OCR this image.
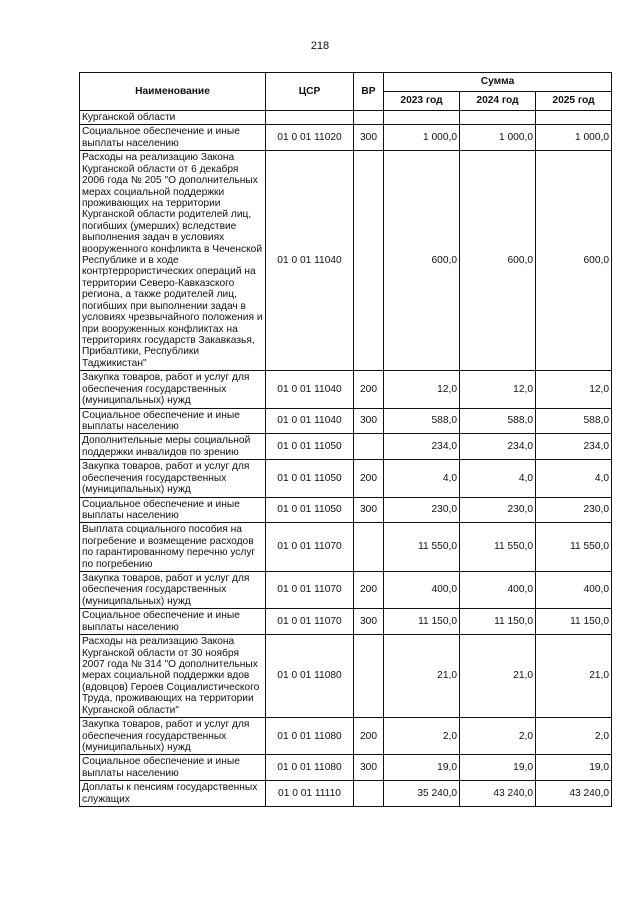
218
Наименование	ЦСР	ВР	Сумма		
			2023 год	2024 год	2025 год
Курганской области					
Социальное обеспечение и иные выплаты населению	01 0 01 11020	300	1 000,0	1 000,0	1 000,0
Расходы на реализацию Закона Курганской области от 6 декабря 2006 года № 205 "О дополнительных мерах социальной поддержки проживающих на территории Курганской области родителей лиц, погибших (умерших) вследствие выполнения задач в условиях вооруженного конфликта в Чеченской Республике и в ходе контртеррористических операций на территории Северо-Кавказского региона, а также родителей лиц, погибших при выполнении задач в условиях чрезвычайного положения и при вооруженных конфликтах на территориях государств Закавказья, Прибалтики, Республики Таджикистан"	01 0 01 11040		600,0	600,0	600,0
Закупка товаров, работ и услуг для обеспечения государственных (муниципальных) нужд	01 0 01 11040	200	12,0	12,0	12,0
Социальное обеспечение и иные выплаты населению	01 0 01 11040	300	588,0	588,0	588,0
Дополнительные меры социальной поддержки инвалидов по зрению	01 0 01 11050		234,0	234,0	234,0
Закупка товаров, работ и услуг для обеспечения государственных (муниципальных) нужд	01 0 01 11050	200	4,0	4,0	4,0
Социальное обеспечение и иные выплаты населению	01 0 01 11050	300	230,0	230,0	230,0
Выплата социального пособия на погребение и возмещение расходов по гарантированному перечню услуг по погребению	01 0 01 11070		11 550,0	11 550,0	11 550,0
Закупка товаров, работ и услуг для обеспечения государственных (муниципальных) нужд	01 0 01 11070	200	400,0	400,0	400,0
Социальное обеспечение и иные выплаты населению	01 0 01 11070	300	11 150,0	11 150,0	11 150,0
Расходы на реализацию Закона Курганской области от 30 ноября 2007 года № 314 "О дополнительных мерах социальной поддержки вдов (вдовцов) Героев Социалистического Труда, проживающих на территории Курганской области"	01 0 01 11080		21,0	21,0	21,0
Закупка товаров, работ и услуг для обеспечения государственных (муниципальных) нужд	01 0 01 11080	200	2,0	2,0	2,0
Социальное обеспечение и иные выплаты населению	01 0 01 11080	300	19,0	19,0	19,0
Доплаты к пенсиям государственных служащих	01 0 01 11110		35 240,0	43 240,0	43 240,0
